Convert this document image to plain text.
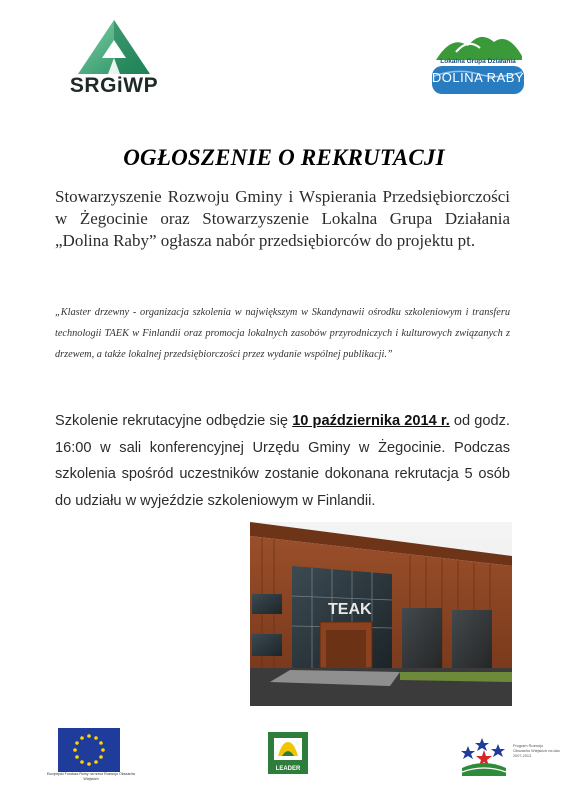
SRGiWP
Lokalna Grupa Działania
DOLINA RABY
OGŁOSZENIE O REKRUTACJI
Stowarzyszenie Rozwoju Gminy i Wspierania Przedsiębiorczości w Żegocinie oraz Stowarzyszenie Lokalna Grupa Działania „Dolina Raby” ogłasza nabór przedsiębiorców do projektu pt.
„Klaster drzewny - organizacja szkolenia w największym w Skandynawii ośrodku szkoleniowym i transferu technologii TAEK w Finlandii oraz promocja lokalnych zasobów przyrodniczych i kulturowych związanych z drzewem, a także lokalnej przedsiębiorczości przez wydanie wspólnej publikacji.”
Szkolenie rekrutacyjne odbędzie się 10 października 2014 r. od godz. 16:00 w sali konferencyjnej Urzędu Gminy w Żegocinie. Podczas szkolenia spośród uczestników zostanie dokonana rekrutacja 5 osób do udziału w wyjeździe szkoleniowym w Finlandii.
TEAK
Europejski Fundusz Rolny na rzecz Rozwoju Obszarów Wiejskich
LEADER
Program Rozwoju Obszarów Wiejskich na lata 2007-2013
